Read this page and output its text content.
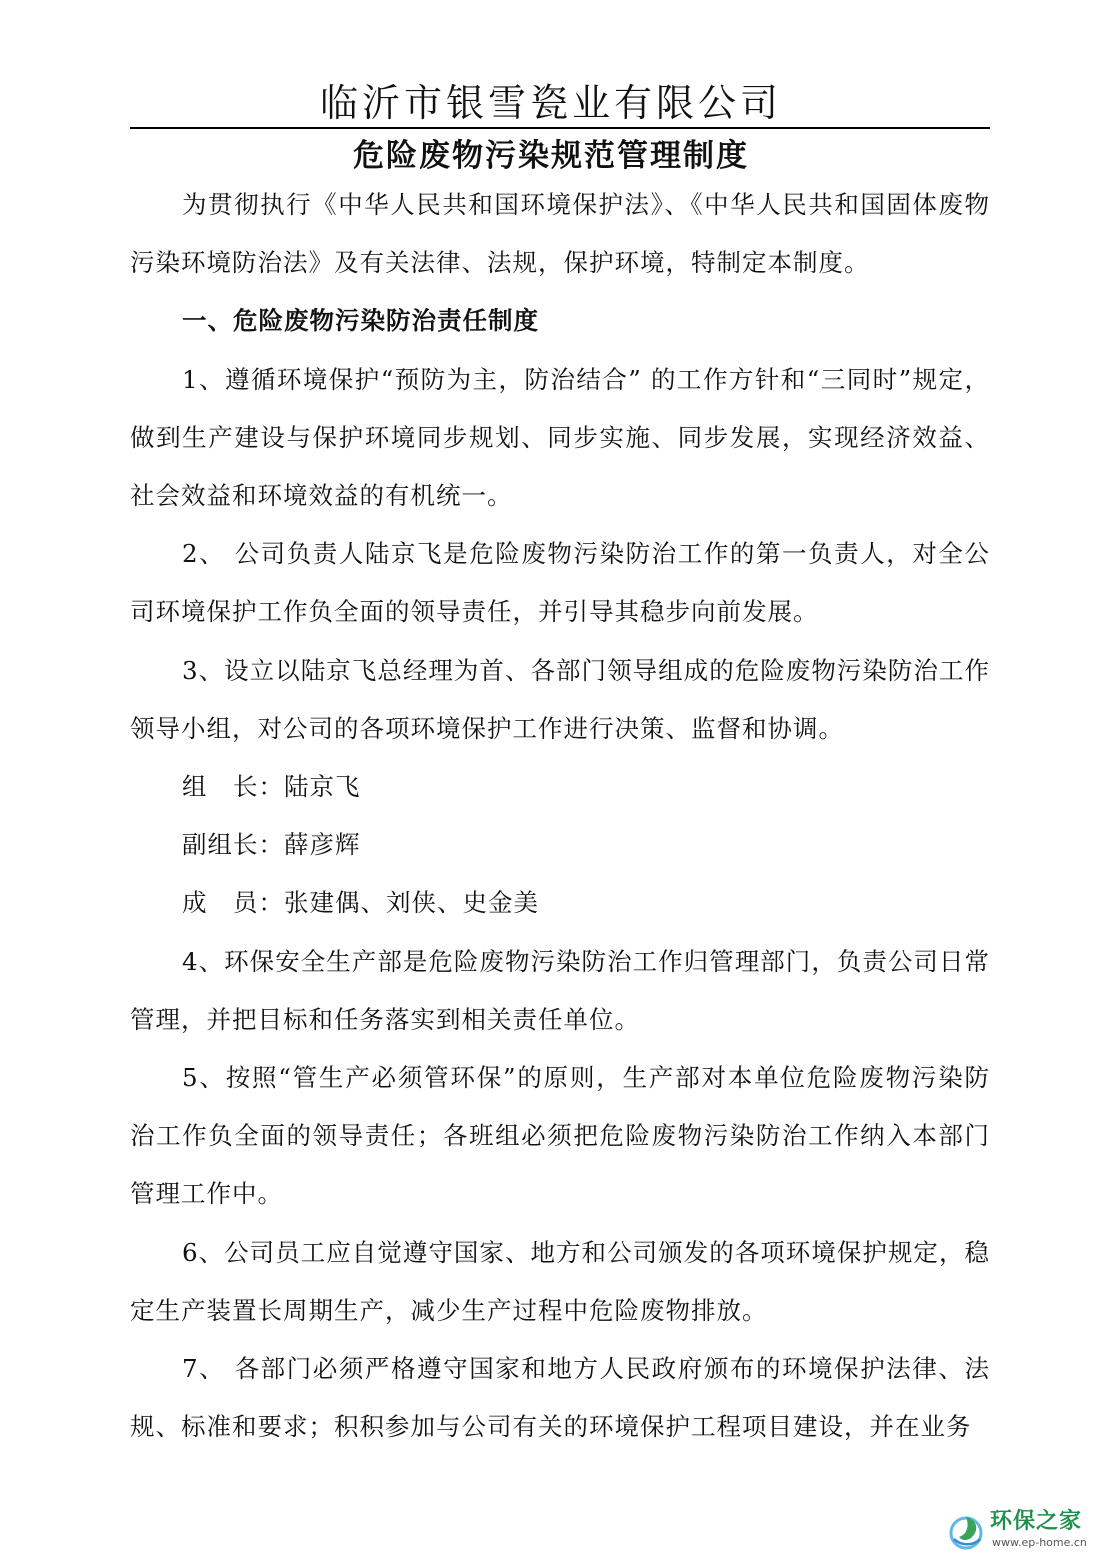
临沂市银雪瓷业有限公司
危险废物污染规范管理制度

为贯彻执行《中华人民共和国环境保护法》、《中华人民共和国固体废物污染环境防治法》及有关法律、法规，保护环境，特制定本制度。

一、危险废物污染防治责任制度

1、遵循环境保护“预防为主，防治结合” 的工作方针和“三同时”规定，做到生产建设与保护环境同步规划、同步实施、同步发展，实现经济效益、社会效益和环境效益的有机统一。

2、 公司负责人陆京飞是危险废物污染防治工作的第一负责人，对全公司环境保护工作负全面的领导责任，并引导其稳步向前发展。

3、设立以陆京飞总经理为首、各部门领导组成的危险废物污染防治工作领导小组，对公司的各项环境保护工作进行决策、监督和协调。

组　长：陆京飞

副组长：薛彦辉

成　员：张建偶、刘侠、史金美

4、环保安全生产部是危险废物污染防治工作归管理部门，负责公司日常管理，并把目标和任务落实到相关责任单位。

5、按照“管生产必须管环保”的原则，生产部对本单位危险废物污染防治工作负全面的领导责任；各班组必须把危险废物污染防治工作纳入本部门管理工作中。

6、公司员工应自觉遵守国家、地方和公司颁发的各项环境保护规定，稳定生产装置长周期生产，减少生产过程中危险废物排放。

7、 各部门必须严格遵守国家和地方人民政府颁布的环境保护法律、法规、标准和要求；积积参加与公司有关的环境保护工程项目建设，并在业务

环保之家
www.ep-home.cn
